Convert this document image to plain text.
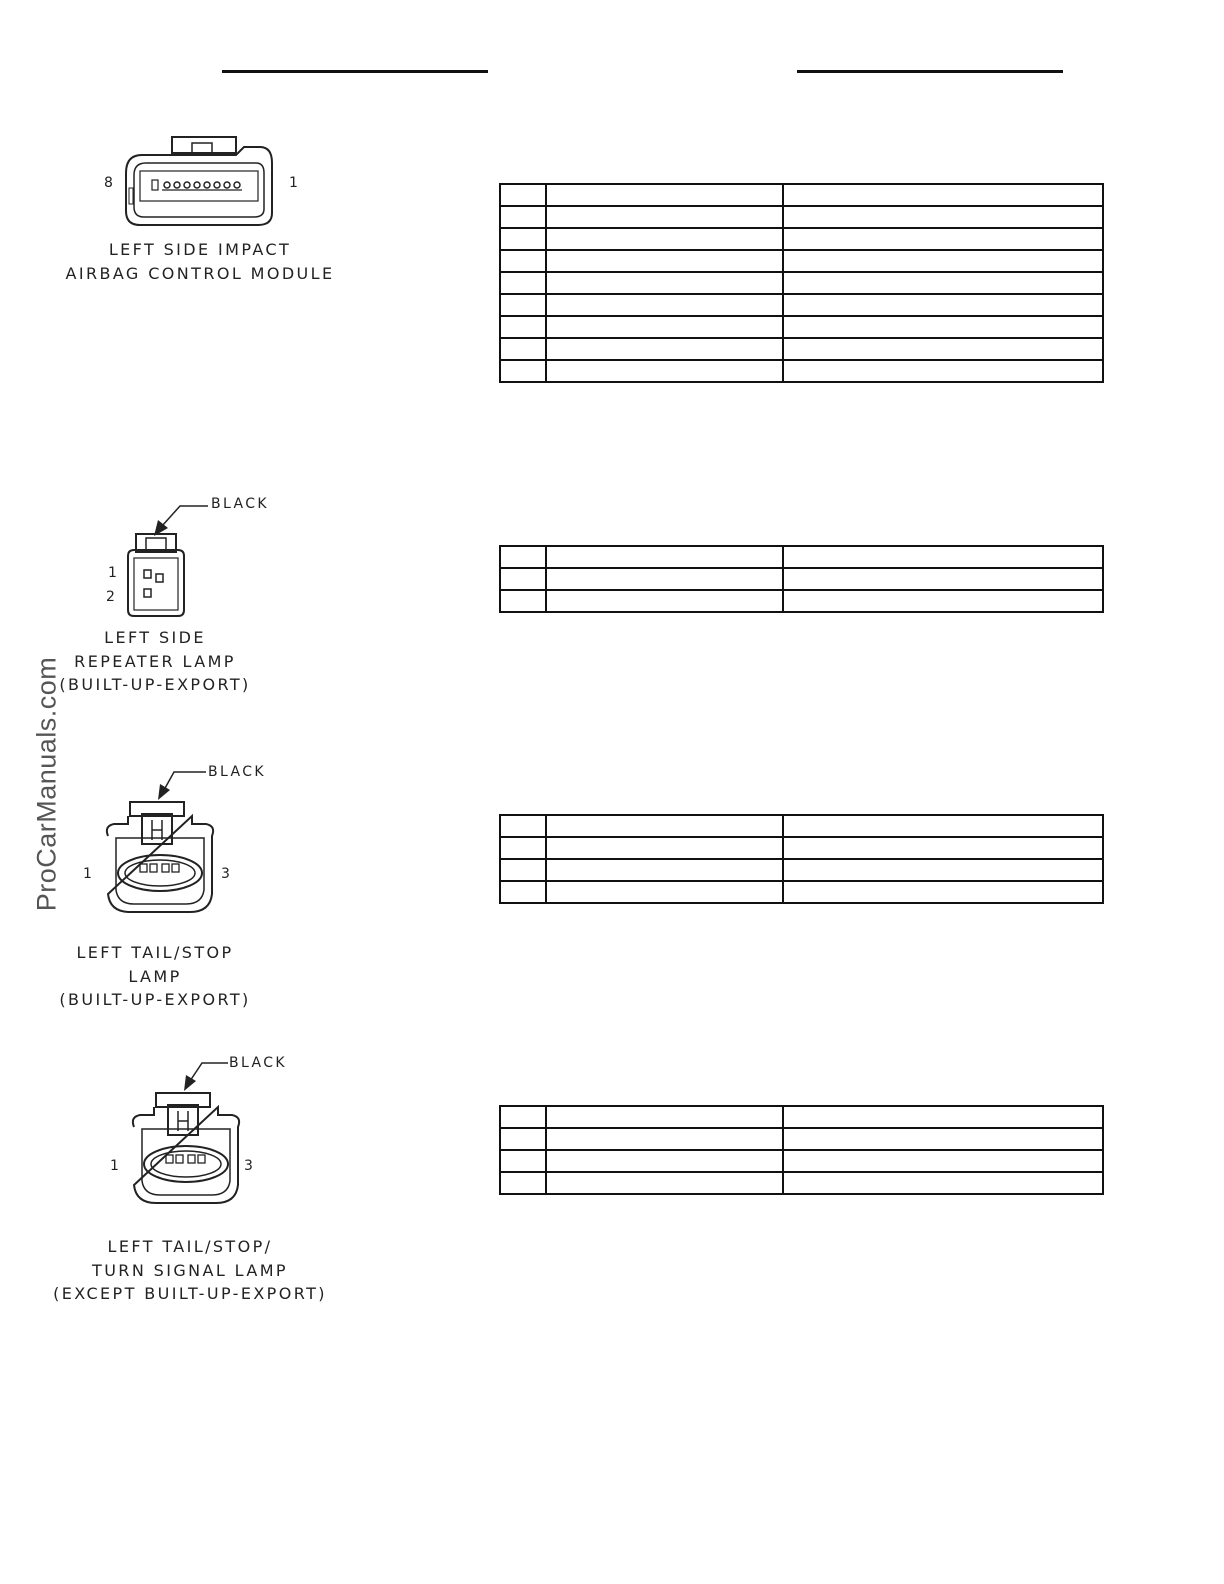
ProCarManuals.com
8	1
LEFT SIDE IMPACT
AIRBAG CONTROL MODULE

BLACK
1
2
LEFT SIDE
REPEATER LAMP
(BUILT-UP-EXPORT)

BLACK
1	3
LEFT TAIL/STOP
LAMP
(BUILT-UP-EXPORT)

BLACK
1	3
LEFT TAIL/STOP/
TURN SIGNAL LAMP
(EXCEPT BUILT-UP-EXPORT)
